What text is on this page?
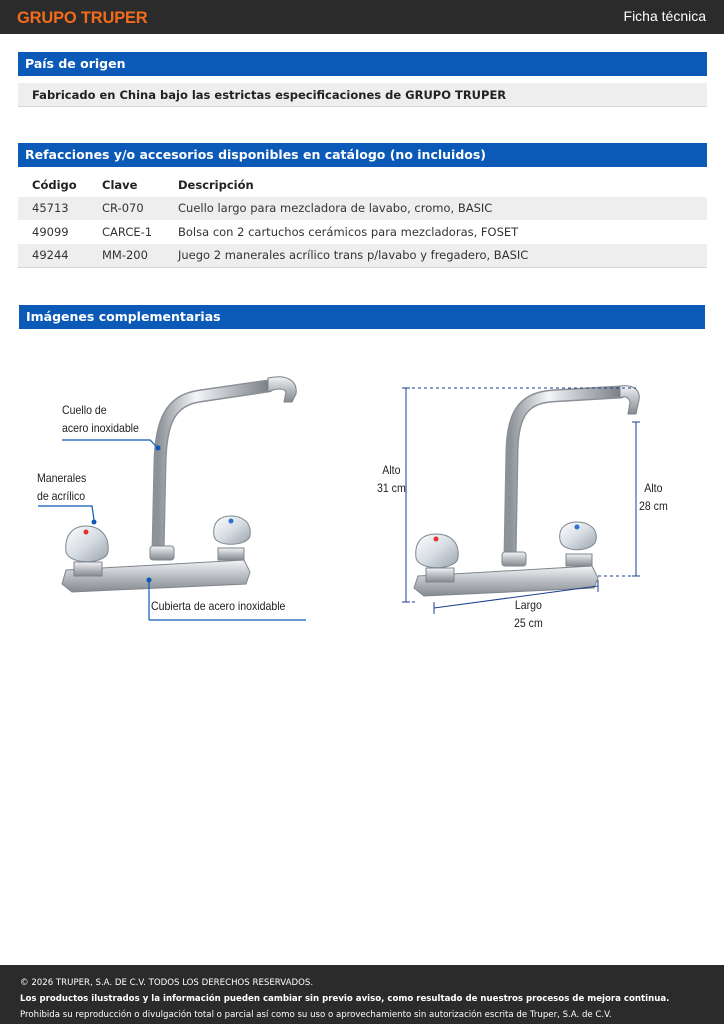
GRUPO TRUPER	Ficha técnica
País de origen
Fabricado en China bajo las estrictas especificaciones de GRUPO TRUPER
Refacciones y/o accesorios disponibles en catálogo (no incluidos)
Código	Clave	Descripción
45713	CR-070	Cuello largo para mezcladora de lavabo, cromo, BASIC
49099	CARCE-1	Bolsa con 2 cartuchos cerámicos para mezcladoras, FOSET
49244	MM-200	Juego 2 manerales acrílico trans p/lavabo y fregadero, BASIC
Imágenes complementarias
Cuello de
acero inoxidable
Manerales
de acrílico
Cubierta de acero inoxidable
Alto
31 cm	Alto
28 cm
Largo
25 cm
© 2026 TRUPER, S.A. DE C.V. TODOS LOS DERECHOS RESERVADOS.
Los productos ilustrados y la información pueden cambiar sin previo aviso, como resultado de nuestros procesos de mejora continua.
Prohibida su reproducción o divulgación total o parcial así como su uso o aprovechamiento sin autorización escrita de Truper, S.A. de C.V.
